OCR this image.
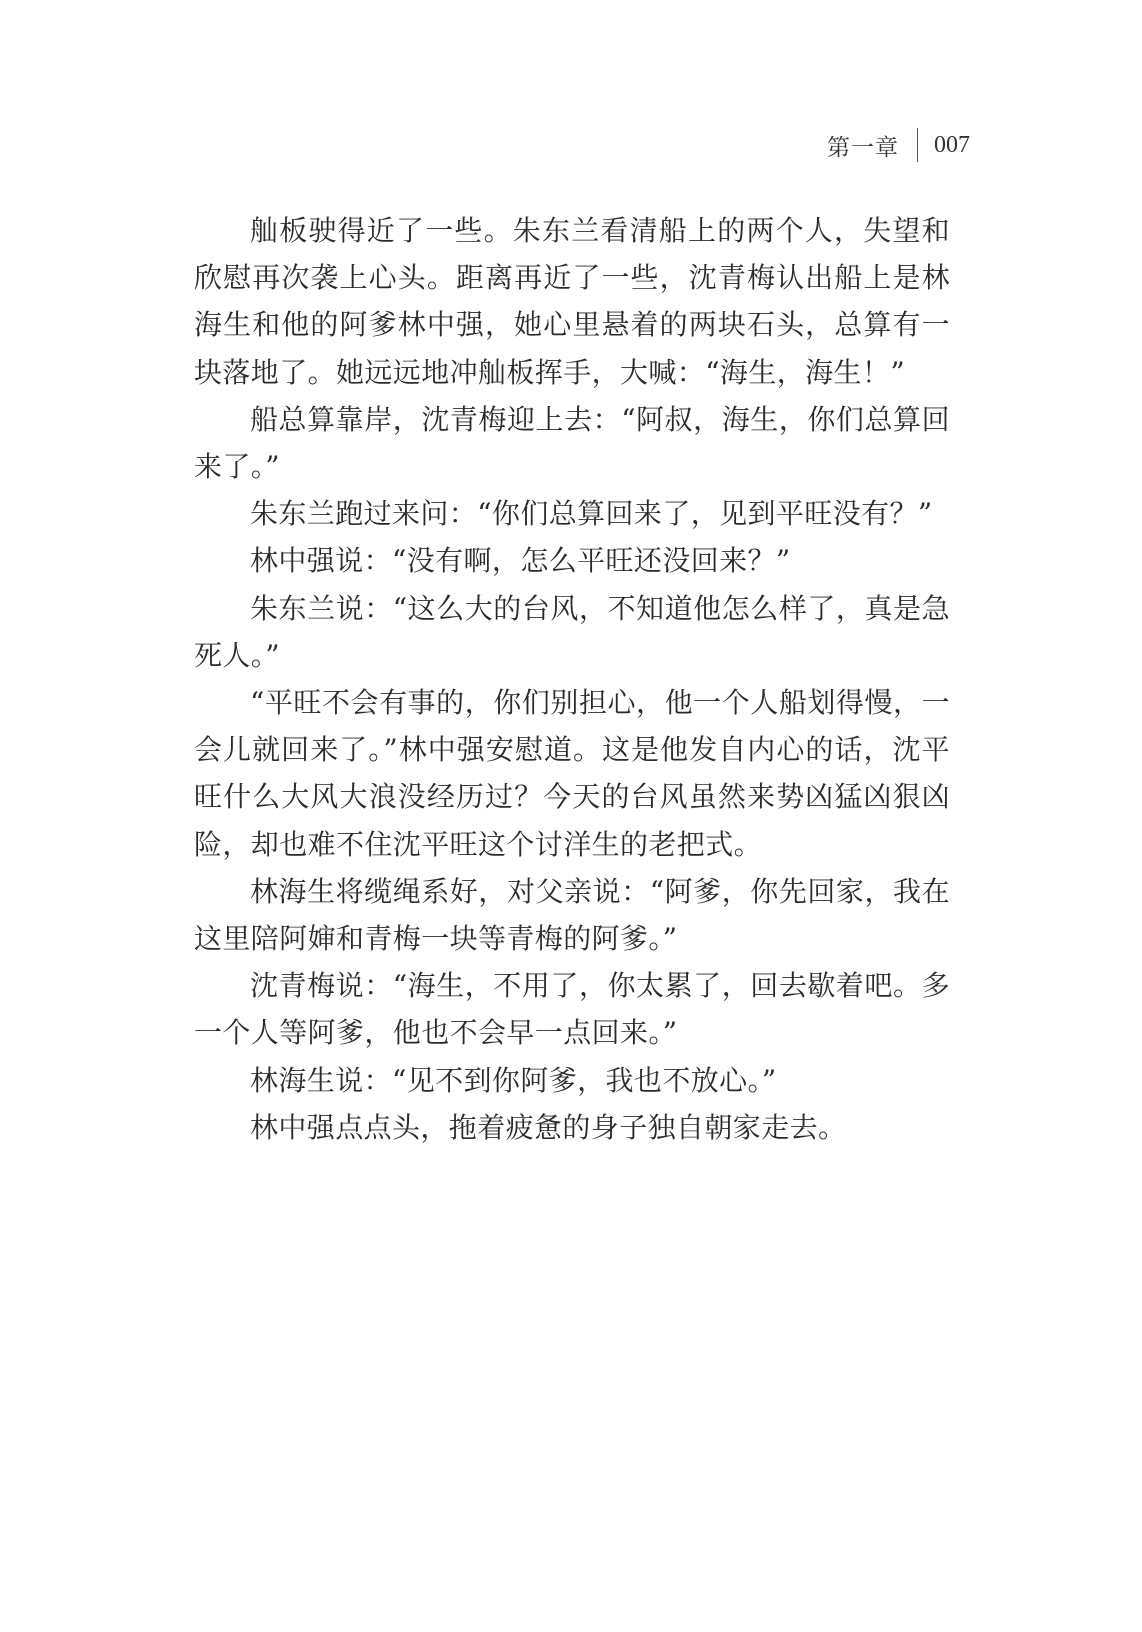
第一章 007

舢板驶得近了一些。朱东兰看清船上的两个人，失望和欣慰再次袭上心头。距离再近了一些，沈青梅认出船上是林海生和他的阿爹林中强，她心里悬着的两块石头，总算有一块落地了。她远远地冲舢板挥手，大喊：“海生，海生！”

船总算靠岸，沈青梅迎上去：“阿叔，海生，你们总算回来了。”

朱东兰跑过来问：“你们总算回来了，见到平旺没有？”

林中强说：“没有啊，怎么平旺还没回来？”

朱东兰说：“这么大的台风，不知道他怎么样了，真是急死人。”

“平旺不会有事的，你们别担心，他一个人船划得慢，一会儿就回来了。”林中强安慰道。这是他发自内心的话，沈平旺什么大风大浪没经历过？今天的台风虽然来势凶猛凶狠凶险，却也难不住沈平旺这个讨洋生的老把式。

林海生将缆绳系好，对父亲说：“阿爹，你先回家，我在这里陪阿婶和青梅一块等青梅的阿爹。”

沈青梅说：“海生，不用了，你太累了，回去歇着吧。多一个人等阿爹，他也不会早一点回来。”

林海生说：“见不到你阿爹，我也不放心。”

林中强点点头，拖着疲惫的身子独自朝家走去。
